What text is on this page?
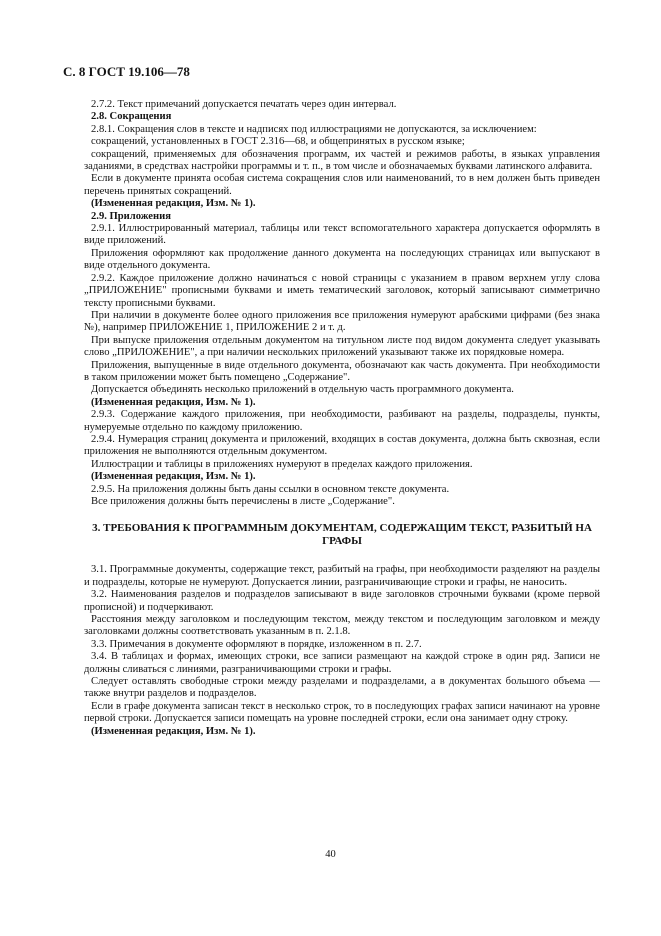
С. 8 ГОСТ 19.106—78

2.7.2. Текст примечаний допускается печатать через один интервал.

2.8. Сокращения

2.8.1. Сокращения слов в тексте и надписях под иллюстрациями не допускаются, за исключением:

сокращений, установленных в ГОСТ 2.316—68, и общепринятых в русском языке;

сокращений, применяемых для обозначения программ, их частей и режимов работы, в языках управления заданиями, в средствах настройки программы и т. п., в том числе и обозначаемых буквами латинского алфавита.

Если в документе принята особая система сокращения слов или наименований, то в нем должен быть приведен перечень принятых сокращений.

(Измененная редакция, Изм. № 1).

2.9. Приложения

2.9.1. Иллюстрированный материал, таблицы или текст вспомогательного характера допускается оформлять в виде приложений.

Приложения оформляют как продолжение данного документа на последующих страницах или выпускают в виде отдельного документа.

2.9.2. Каждое приложение должно начинаться с новой страницы с указанием в правом верхнем углу слова „ПРИЛОЖЕНИЕ" прописными буквами и иметь тематический заголовок, который записывают симметрично тексту прописными буквами.

При наличии в документе более одного приложения все приложения нумеруют арабскими цифрами (без знака №), например ПРИЛОЖЕНИЕ 1, ПРИЛОЖЕНИЕ 2 и т. д.

При выпуске приложения отдельным документом на титульном листе под видом документа следует указывать слово „ПРИЛОЖЕНИЕ", а при наличии нескольких приложений указывают также их порядковые номера.

Приложения, выпущенные в виде отдельного документа, обозначают как часть документа. При необходимости в таком приложении может быть помещено „Содержание".

Допускается объединять несколько приложений в отдельную часть программного документа.

(Измененная редакция, Изм. № 1).

2.9.3. Содержание каждого приложения, при необходимости, разбивают на разделы, подразделы, пункты, нумеруемые отдельно по каждому приложению.

2.9.4. Нумерация страниц документа и приложений, входящих в состав документа, должна быть сквозная, если приложения не выполняются отдельным документом.

Иллюстрации и таблицы в приложениях нумеруют в пределах каждого приложения.

(Измененная редакция, Изм. № 1).

2.9.5. На приложения должны быть даны ссылки в основном тексте документа.

Все приложения должны быть перечислены в листе „Содержание".

3. ТРЕБОВАНИЯ К ПРОГРАММНЫМ ДОКУМЕНТАМ, СОДЕРЖАЩИМ ТЕКСТ, РАЗБИТЫЙ НА ГРАФЫ

3.1. Программные документы, содержащие текст, разбитый на графы, при необходимости разделяют на разделы и подразделы, которые не нумеруют. Допускается линии, разграничивающие строки и графы, не наносить.

3.2. Наименования разделов и подразделов записывают в виде заголовков строчными буквами (кроме первой прописной) и подчеркивают.

Расстояния между заголовком и последующим текстом, между текстом и последующим заголовком и между заголовками должны соответствовать указанным в п. 2.1.8.

3.3. Примечания в документе оформляют в порядке, изложенном в п. 2.7.

3.4. В таблицах и формах, имеющих строки, все записи размещают на каждой строке в один ряд. Записи не должны сливаться с линиями, разграничивающими строки и графы.

Следует оставлять свободные строки между разделами и подразделами, а в документах большого объема — также внутри разделов и подразделов.

Если в графе документа записан текст в несколько строк, то в последующих графах записи начинают на уровне первой строки. Допускается записи помещать на уровне последней строки, если она занимает одну строку.

(Измененная редакция, Изм. № 1).

40
